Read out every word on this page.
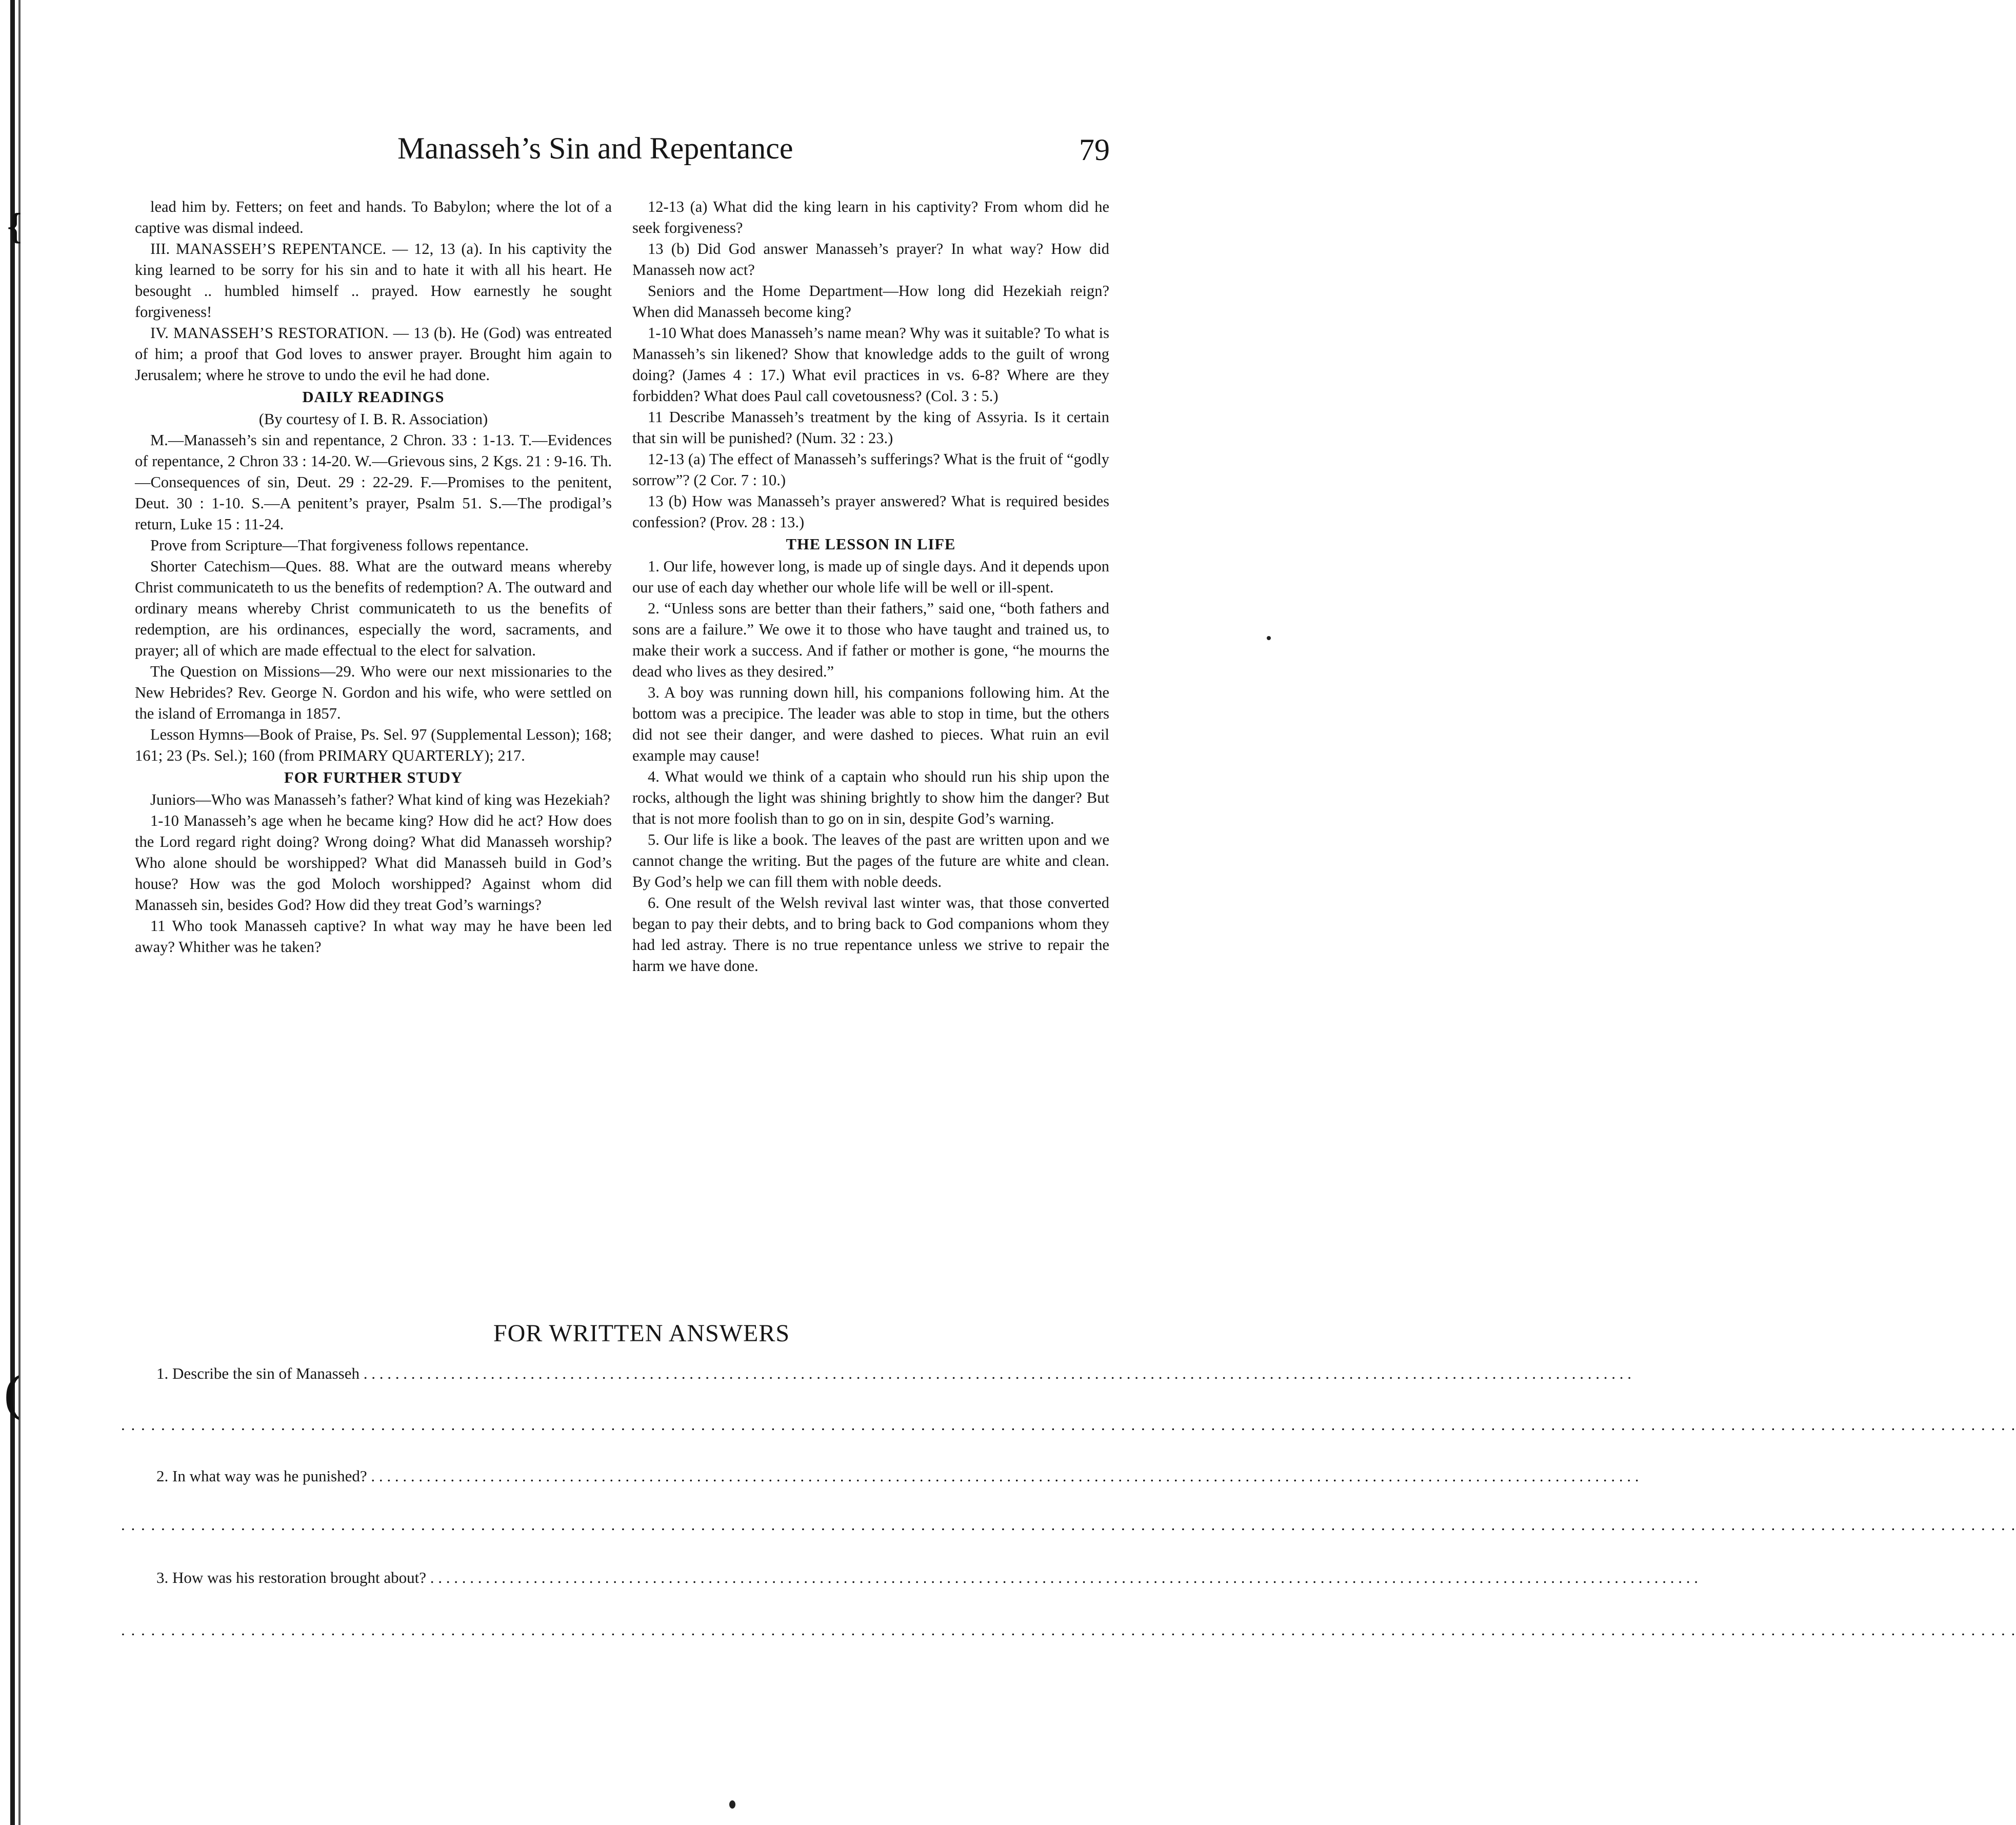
{
(
Manasseh’s Sin and Repentance	79

lead him by. Fetters; on feet and hands. To Babylon; where the lot of a captive was dismal indeed.

III. MANASSEH’S REPENTANCE. — 12, 13 (a). In his captivity the king learned to be sorry for his sin and to hate it with all his heart. He besought .. humbled himself .. prayed. How earnestly he sought forgiveness!

IV. MANASSEH’S RESTORATION. — 13 (b). He (God) was entreated of him; a proof that God loves to answer prayer. Brought him again to Jerusalem; where he strove to undo the evil he had done.

DAILY READINGS
(By courtesy of I. B. R. Association)

M.—Manasseh’s sin and repentance, 2 Chron. 33 : 1-13. T.—Evidences of repentance, 2 Chron 33 : 14-20. W.—Grievous sins, 2 Kgs. 21 : 9-16. Th.—Consequences of sin, Deut. 29 : 22-29. F.—Promises to the penitent, Deut. 30 : 1-10. S.—A penitent’s prayer, Psalm 51. S.—The prodigal’s return, Luke 15 : 11-24.

Prove from Scripture—That forgiveness follows repentance.

Shorter Catechism—Ques. 88. What are the outward means whereby Christ communicateth to us the benefits of redemption? A. The outward and ordinary means whereby Christ communicateth to us the benefits of redemption, are his ordinances, especially the word, sacraments, and prayer; all of which are made effectual to the elect for salvation.

The Question on Missions—29. Who were our next missionaries to the New Hebrides? Rev. George N. Gordon and his wife, who were settled on the island of Erromanga in 1857.

Lesson Hymns—Book of Praise, Ps. Sel. 97 (Supplemental Lesson); 168; 161; 23 (Ps. Sel.); 160 (from PRIMARY QUARTERLY); 217.

FOR FURTHER STUDY

Juniors—Who was Manasseh’s father? What kind of king was Hezekiah?

1-10 Manasseh’s age when he became king? How did he act? How does the Lord regard right doing? Wrong doing? What did Manasseh worship? Who alone should be worshipped? What did Manasseh build in God’s house? How was the god Moloch worshipped? Against whom did Manasseh sin, besides God? How did they treat God’s warnings?

11 Who took Manasseh captive? In what way may he have been led away? Whither was he taken?

12-13 (a) What did the king learn in his captivity? From whom did he seek forgiveness?

13 (b) Did God answer Manasseh’s prayer? In what way? How did Manasseh now act?

Seniors and the Home Department—How long did Hezekiah reign? When did Manasseh become king?

1-10 What does Manasseh’s name mean? Why was it suitable? To what is Manasseh’s sin likened? Show that knowledge adds to the guilt of wrong doing? (James 4 : 17.) What evil practices in vs. 6-8? Where are they forbidden? What does Paul call covetousness? (Col. 3 : 5.)

11 Describe Manasseh’s treatment by the king of Assyria. Is it certain that sin will be punished? (Num. 32 : 23.)

12-13 (a) The effect of Manasseh’s sufferings? What is the fruit of “godly sorrow”? (2 Cor. 7 : 10.)

13 (b) How was Manasseh’s prayer answered? What is required besides confession? (Prov. 28 : 13.)

THE LESSON IN LIFE

1. Our life, however long, is made up of single days. And it depends upon our use of each day whether our whole life will be well or ill-spent.

2. “Unless sons are better than their fathers,” said one, “both fathers and sons are a failure.” We owe it to those who have taught and trained us, to make their work a success. And if father or mother is gone, “he mourns the dead who lives as they desired.”

3. A boy was running down hill, his companions following him. At the bottom was a precipice. The leader was able to stop in time, but the others did not see their danger, and were dashed to pieces. What ruin an evil example may cause!

4. What would we think of a captain who should run his ship upon the rocks, although the light was shining brightly to show him the danger? But that is not more foolish than to go on in sin, despite God’s warning.

5. Our life is like a book. The leaves of the past are written upon and we cannot change the writing. But the pages of the future are white and clean. By God’s help we can fill them with noble deeds.

6. One result of the Welsh revival last winter was, that those converted began to pay their debts, and to bring back to God companions whom they had led astray. There is no true repentance unless we strive to repair the harm we have done.

FOR WRITTEN ANSWERS
1. Describe the sin of Manasseh . . . . . . . . . . . . . . . . . . . . . . . . . . . . . . . . . . . . . . . . . . . . . . . . . . . . . . . . . . . . . . . . . . . . . . . . . . . . . . . . . . . . . . . . . . . . . . . . . . . . . . . . . . . . . . . . . . . . . . . . . . . . . . . . . . . . . . . . . . . . . . . . . . . . . . . . . . . . . . . .
. . . . . . . . . . . . . . . . . . . . . . . . . . . . . . . . . . . . . . . . . . . . . . . . . . . . . . . . . . . . . . . . . . . . . . . . . . . . . . . . . . . . . . . . . . . . . . . . . . . . . . . . . . . . . . . . . . . . . . . . . . . . . . . . . . . . . . . . . . . . . . . . . . . . . . . . . . . . . . . . . . . . . . . . . . . . . . . . . . . . . . . . . . . . . .
2. In what way was he punished? . . . . . . . . . . . . . . . . . . . . . . . . . . . . . . . . . . . . . . . . . . . . . . . . . . . . . . . . . . . . . . . . . . . . . . . . . . . . . . . . . . . . . . . . . . . . . . . . . . . . . . . . . . . . . . . . . . . . . . . . . . . . . . . . . . . . . . . . . . . . . . . . . . . . . . . . . . . . . . . .
. . . . . . . . . . . . . . . . . . . . . . . . . . . . . . . . . . . . . . . . . . . . . . . . . . . . . . . . . . . . . . . . . . . . . . . . . . . . . . . . . . . . . . . . . . . . . . . . . . . . . . . . . . . . . . . . . . . . . . . . . . . . . . . . . . . . . . . . . . . . . . . . . . . . . . . . . . . . . . . . . . . . . . . . . . . . . . . . . . . . . . . . . . . . . .
3. How was his restoration brought about? . . . . . . . . . . . . . . . . . . . . . . . . . . . . . . . . . . . . . . . . . . . . . . . . . . . . . . . . . . . . . . . . . . . . . . . . . . . . . . . . . . . . . . . . . . . . . . . . . . . . . . . . . . . . . . . . . . . . . . . . . . . . . . . . . . . . . . . . . . . . . . . . . . . . . . . . . . . . . . . .
. . . . . . . . . . . . . . . . . . . . . . . . . . . . . . . . . . . . . . . . . . . . . . . . . . . . . . . . . . . . . . . . . . . . . . . . . . . . . . . . . . . . . . . . . . . . . . . . . . . . . . . . . . . . . . . . . . . . . . . . . . . . . . . . . . . . . . . . . . . . . . . . . . . . . . . . . . . . . . . . . . . . . . . . . . . . . . . . . . . . . . . . . . . . . .
